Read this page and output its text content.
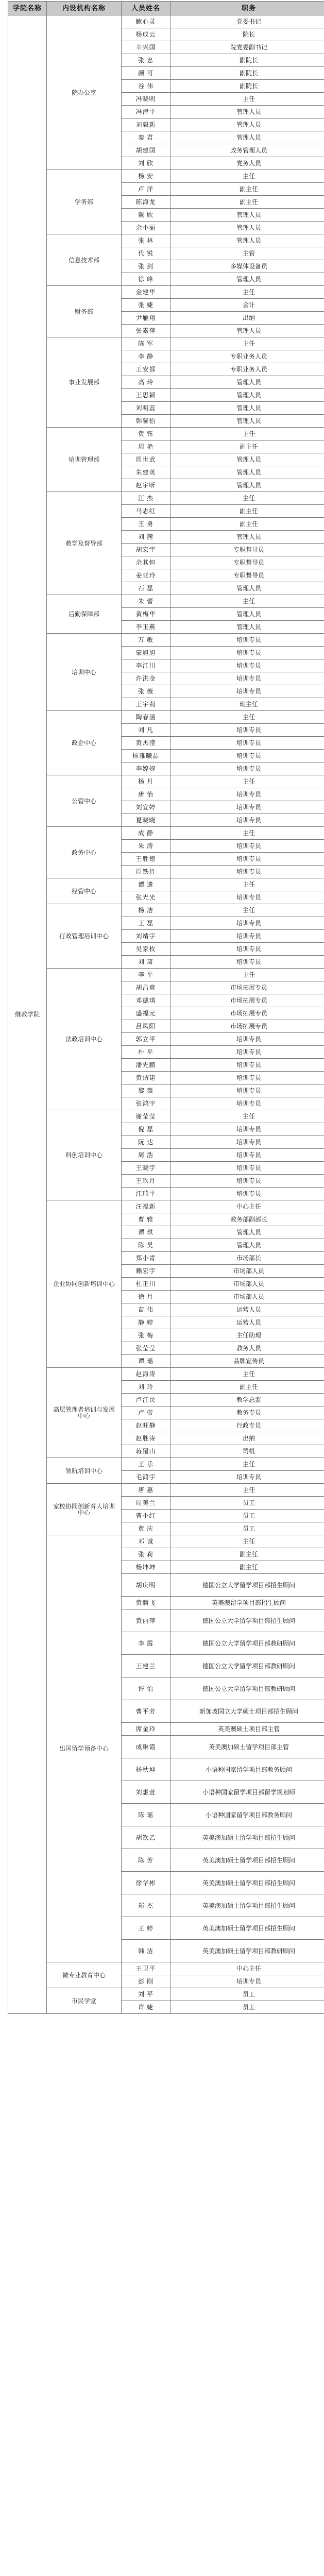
学院名称	内设机构名称	人员姓名	职务
继教学院	院办公室	鲍心灵	党委书记
		杨成云	院长
		辛兴国	院党委副书记
		张 忠	副院长
		颜 可	副院长
		谷 伟	副院长
		冯晓明	主任
		冯津平	管理人员
		刘毅新	管理人员
		秦 君	管理人员
		胡建国	政务管理人员
		刘 欣	党务人员

	学务部	杨 安	主任
		卢 洋	副主任
		陈海龙	副主任
		戴 欣	管理人员
		余小丽	管理人员

	信息技术部	张 林	管理人员
		代 锐	主管
		张 剑	多媒体设备员
		徐 峰	管理人员

	财务部	金建华	主任
		张 婕	会计
		尹雁翔	出纳
		张素萍	管理人员

	事业发展部	陈 军	主任
		李 静	专职业务人员
		王安都	专职业务人员
		高 玲	管理人员
		王思颖	管理人员
		刘明蕊	管理人员
		韩馨怡	管理人员

	培训管理部	黄 钰	主任
		周 艳	副主任
		周世武	管理人员
		朱建英	管理人员
		赵宇昕	管理人员

	教学及督导部	江 杰	主任
		马志红	副主任
		王 勇	副主任
		刘 茜	管理人员
		胡宏宇	专职督导员
		余其恒	专职督导员
		姜亚玲	专职督导员
		石 磊	管理人员

	后勤保障部	朱 蕾	主任
		黄梅华	管理人员
		李玉燕	管理人员

	培训中心	万 敏	培训专员
		蒙旭旭	培训专员
		李江川	培训专员
		许洪金	培训专员
		张 薇	培训专员
		王宇莉	班主任

	政企中心	陶春涵	主任
		刘 凡	培训专员
		黄杰滢	培训专员
		杨雅曦晶	培训专员
		李婷婷	培训专员

	公管中心	杨 月	主任
		唐 怡	培训专员
		刘宜婷	培训专员
		夏晓晓	培训专员

	政务中心	成 静	主任
		朱 涛	培训专员
		王胜德	培训专员
		周铁竹	培训专员

	经管中心	谭 遗	主任
		张光光	培训专员

	行政管理培训中心	杨 洁	主任
		王 磊	培训专员
		刘靖宇	培训专员
		吴家枚	培训专员
		刘 琦	培训专员

	法政培训中心	李 平	主任
		胡昌意	市场拓展专员
		邓德琪	市场拓展专员
		盛福元	市场拓展专员
		吕凤阳	市场拓展专员
		郭立平	培训专员
		朴 平	培训专员
		潘先鹏	培训专员
		黄谓建	培训专员
		黎 薇	培训专员
		张鸿宇	培训专员

	科创培训中心	谢莹莹	主任
		倪 磊	培训专员
		阮 达	培训专员
		周 浩	培训专员
		王晓宇	培训专员
		王玖月	培训专员
		江瑞平	培训专员

	企业协同创新培训中心	汪福新	中心主任
		曹 雅	教务部副部长
		谭 琪	管理人员
		陈 昊	管理人员
		郑小青	市场部长
		赖宏宇	市场部人员
		杜正川	市场部人员
		徐 月	市场部人员
		苗 伟	运营人员
		静 婷	运营人员
		张 梅	主任助理
		张莹莹	教务人员
		谭 瑶	品牌宣传员

	高层管理者培训与发展中心	赵海涛	主任
		刘 玲	副主任
		卢江民	教学总监
		卢 帝	教务专员
		赵旺静	行政专员
		赵胜涛	出纳
		蒋覆山	司机

	领航培训中心	王 乐	主任
		毛鸿宇	培训专员

	家校协同创新育人培训中心	唐 惠	主任
		周美兰	员工
		曹小红	员工
		黄 庆	员工

	出国留学预备中心	邓 诚	主任
		张 莉	副主任
		杨坤坤	副主任
		胡庆明	德国公立大学留学项目部招生顾问
		黄麟飞	英美澳留学项目部招生顾问
		黄丽萍	德国公立大学留学项目部招生顾问
		李 霞	德国公立大学留学项目部教研顾问
		王建兰	德国公立大学留学项目部教研顾问
		许 怡	德国公立大学留学项目部教研顾问
		曹平芳	新加坡国立大学硕士项目部招生顾问
		席金玲	英美澳硕士项目部主管
		成琳霞	英美澳加硕士留学项目部主管
		杨秋坤	小语种国家留学项目部教务顾问
		刘惠萱	小语种国家留学项目部留学规划师
		陈 瑶	小语种国家留学项目部教务顾问
		胡钦乙	英美澳加硕士留学项目部招生顾问
		陈 芳	英美澳加硕士留学项目部招生顾问
		徐华彬	英美澳加硕士留学项目部招生顾问
		郑 杰	英美澳加硕士留学项目部招生顾问
		王 婷	英美澳加硕士留学项目部招生顾问
		韩 洁	英美澳加硕士留学项目部教研顾问

	微专业教育中心	王卫平	中心主任
		彭 刚	培训专员

	市民学堂	刘 平	员工
		许 婕	员工
